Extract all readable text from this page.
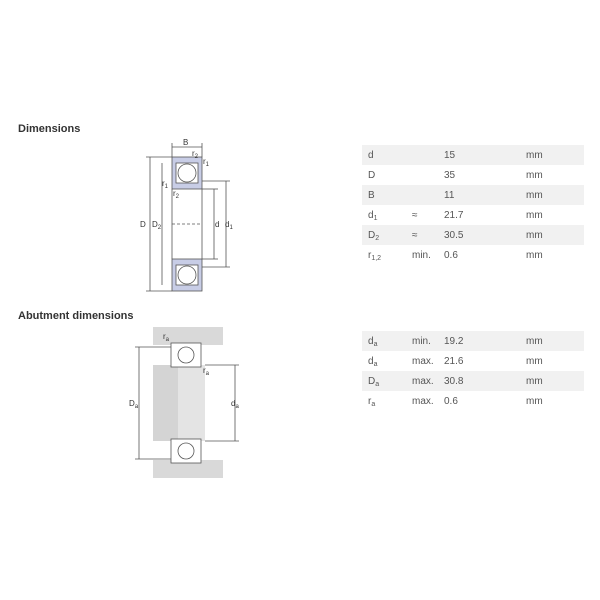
Dimensions
B
$r_2$ $r_1$
$r_1$
$r_2$
D $D_2$	d $d_1$
d	15	mm
D	35	mm
B	11	mm
$d_1$	≈	21.7	mm
$D_2$	≈	30.5	mm
$r_{1,2}$	min. 0.6	mm
Abutment dimensions
$r_a$
$r_a$
$D_a$	$d_a$
$d_a$	min. 19.2	mm
$d_a$	max. 21.6	mm
$D_a$	max. 30.8	mm
$r_a$	max. 0.6	mm
